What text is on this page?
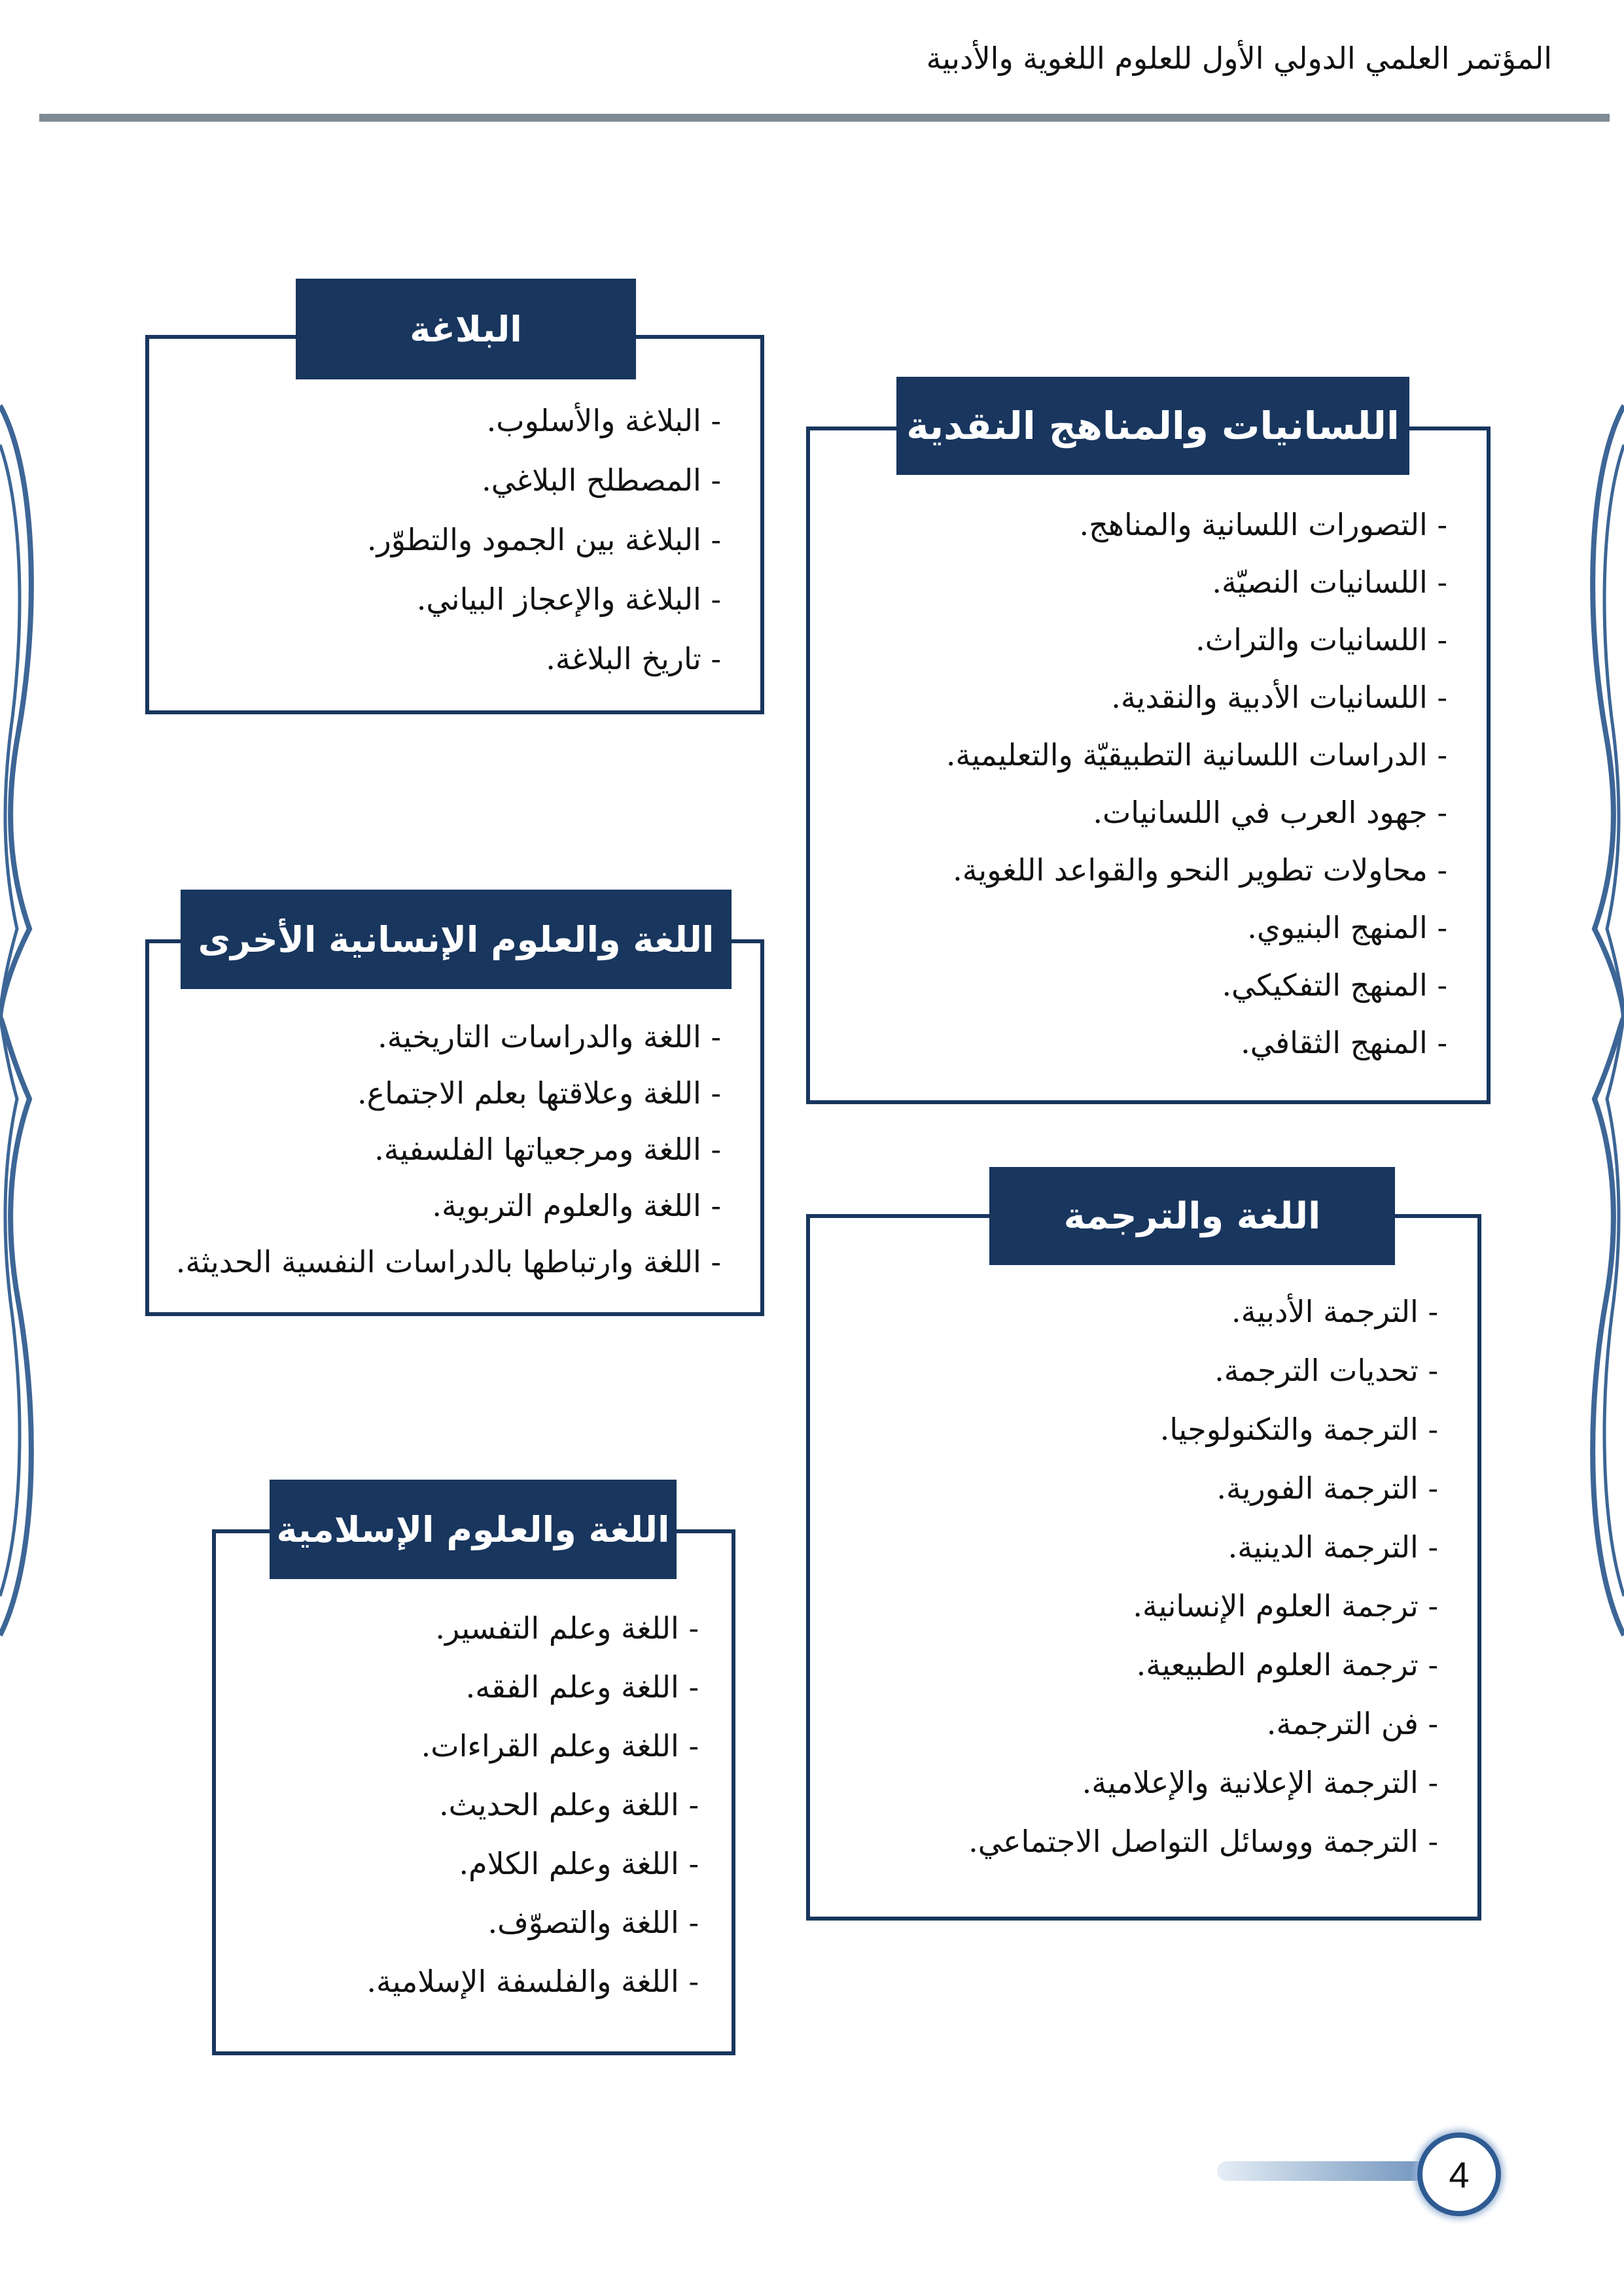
المؤتمر العلمي الدولي الأول للعلوم اللغوية والأدبية
- البلاغة والأسلوب.
- المصطلح البلاغي.
- البلاغة بين الجمود والتطوّر.
- البلاغة والإعجاز البياني.
- تاريخ البلاغة.
البلاغة
- التصورات اللسانية والمناهج.
- اللسانيات النصيّة.
- اللسانيات والتراث.
- اللسانيات الأدبية والنقدية.
- الدراسات اللسانية التطبيقيّة والتعليمية.
- جهود العرب في اللسانيات.
- محاولات تطوير النحو والقواعد اللغوية.
- المنهج البنيوي.
- المنهج التفكيكي.
- المنهج الثقافي.
اللسانيات والمناهج النقدية
- اللغة والدراسات التاريخية.
- اللغة وعلاقتها بعلم الاجتماع.
- اللغة ومرجعياتها الفلسفية.
- اللغة والعلوم التربوية.
- اللغة وارتباطها بالدراسات النفسية الحديثة.
اللغة والعلوم الإنسانية الأخرى
- الترجمة الأدبية.
- تحديات الترجمة.
- الترجمة والتكنولوجيا.
- الترجمة الفورية.
- الترجمة الدينية.
- ترجمة العلوم الإنسانية.
- ترجمة العلوم الطبيعية.
- فن الترجمة.
- الترجمة الإعلانية والإعلامية.
- الترجمة ووسائل التواصل الاجتماعي.
اللغة والترجمة
- اللغة وعلم التفسير.
- اللغة وعلم الفقه.
- اللغة وعلم القراءات.
- اللغة وعلم الحديث.
- اللغة وعلم الكلام.
- اللغة والتصوّف.
- اللغة والفلسفة الإسلامية.
اللغة والعلوم الإسلامية
4
